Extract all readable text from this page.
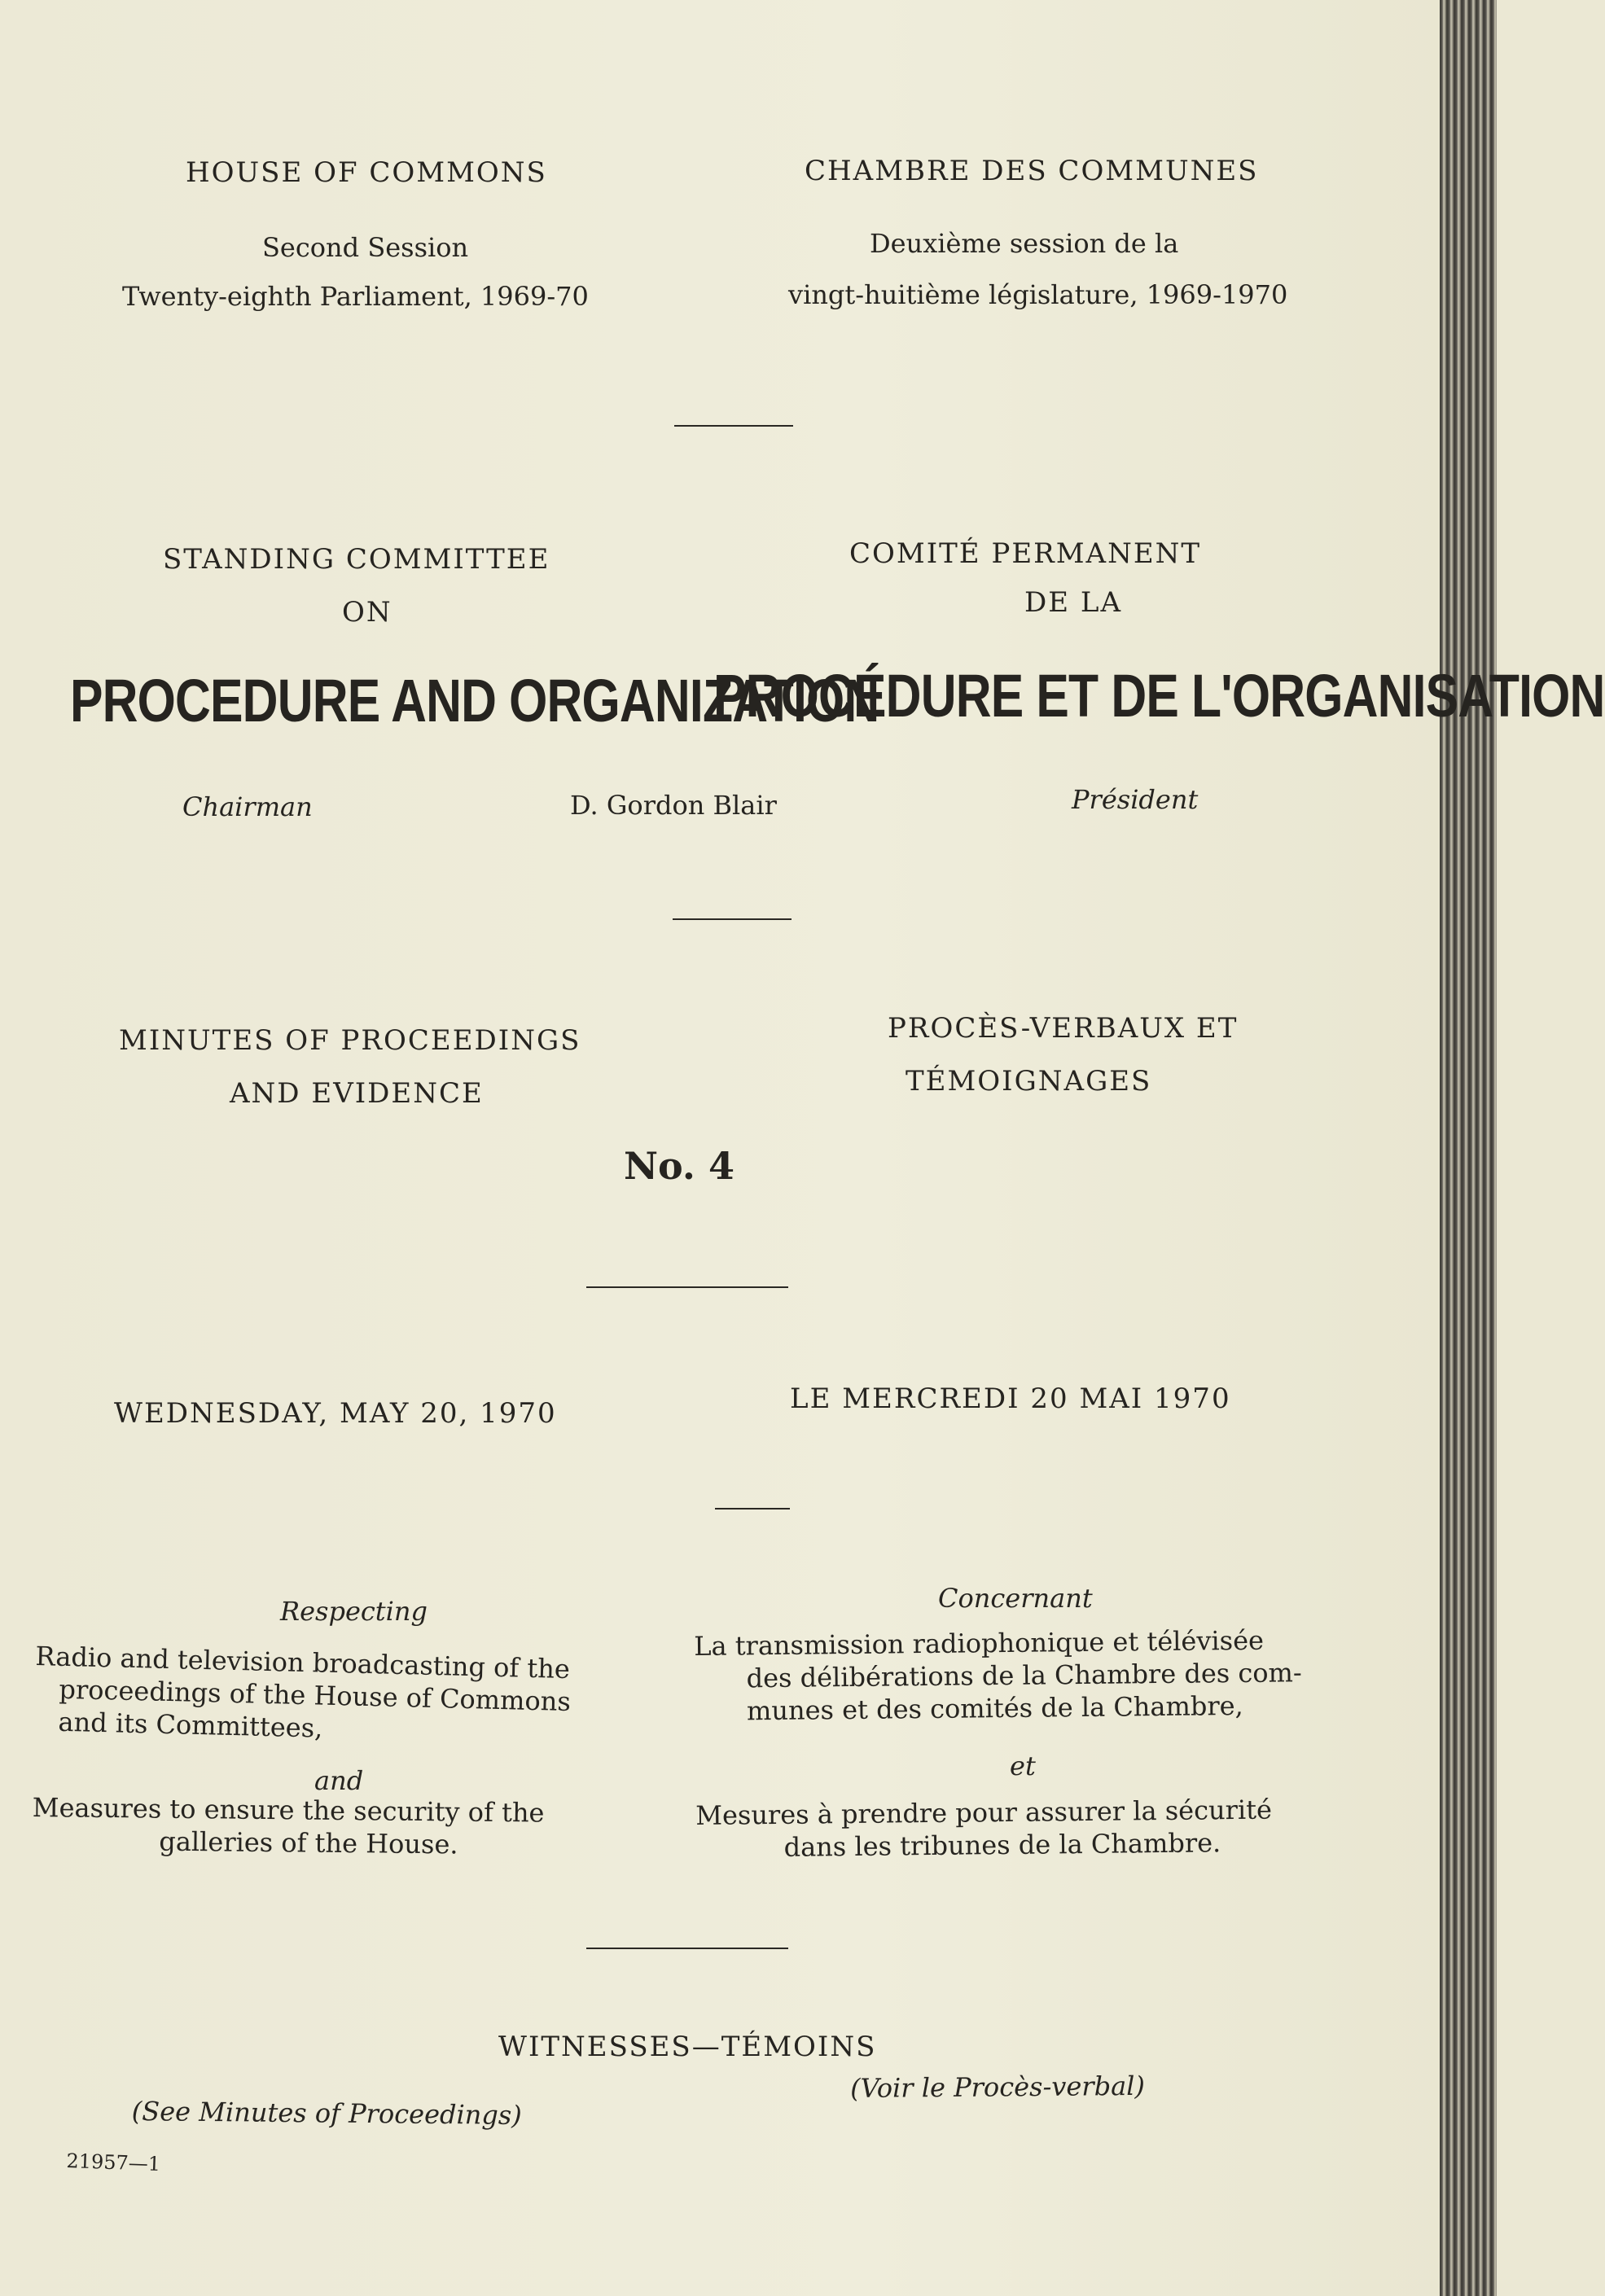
HOUSE OF COMMONS
Second Session
Twenty-eighth Parliament, 1969-70
CHAMBRE DES COMMUNES
Deuxième session de la
vingt-huitième législature, 1969-1970
STANDING COMMITTEE
ON
COMITÉ PERMANENT
DE LA
PROCEDURE AND ORGANIZATION
PROCÉDURE ET DE L'ORGANISATION
Chairman	D. Gordon Blair	Président
MINUTES OF PROCEEDINGS
AND EVIDENCE
PROCÈS-VERBAUX ET
TÉMOIGNAGES
No. 4
WEDNESDAY, MAY 20, 1970	LE MERCREDI 20 MAI 1970
Respecting
Radio and television broadcasting of the
proceedings of the House of Commons
and its Committees,
and
Measures to ensure the security of the
galleries of the House.
Concernant
La transmission radiophonique et télévisée
des délibérations de la Chambre des com-
munes et des comités de la Chambre,
et
Mesures à prendre pour assurer la sécurité
dans les tribunes de la Chambre.
WITNESSES—TÉMOINS
(See Minutes of Proceedings)
(Voir le Procès-verbal)
21957—1
